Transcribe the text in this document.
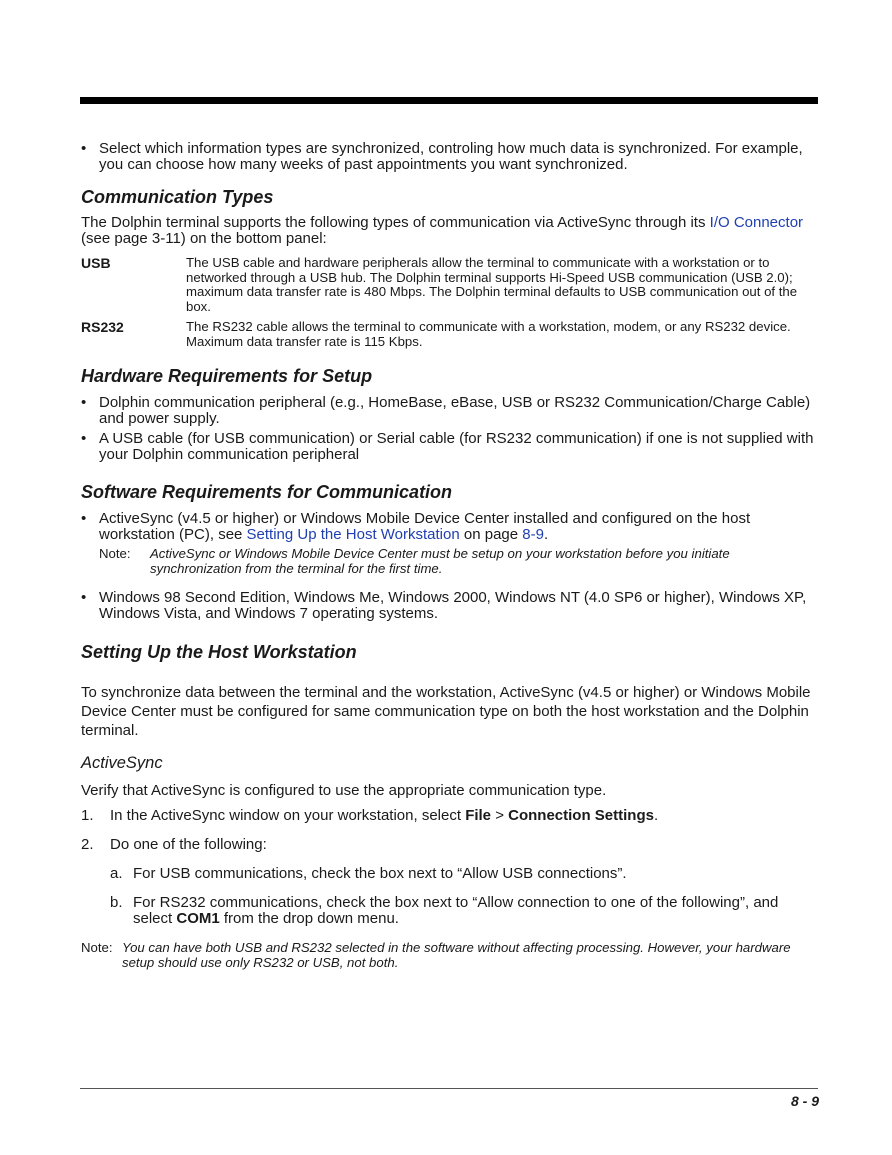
• Select which information types are synchronized, controling how much data is synchronized. For example, you can choose how many weeks of past appointments you want synchronized.

Communication Types

The Dolphin terminal supports the following types of communication via ActiveSync through its I/O Connector (see page 3-11) on the bottom panel:

USB	The USB cable and hardware peripherals allow the terminal to communicate with a workstation or to networked through a USB hub. The Dolphin terminal supports Hi-Speed USB communication (USB 2.0); maximum data transfer rate is 480 Mbps. The Dolphin terminal defaults to USB communication out of the box.
RS232	The RS232 cable allows the terminal to communicate with a workstation, modem, or any RS232 device. Maximum data transfer rate is 115 Kbps.
Hardware Requirements for Setup

• Dolphin communication peripheral (e.g., HomeBase, eBase, USB or RS232 Communication/Charge Cable) and power supply.

• A USB cable (for USB communication) or Serial cable (for RS232 communication) if one is not supplied with your Dolphin communication peripheral

Software Requirements for Communication

• ActiveSync (v4.5 or higher) or Windows Mobile Device Center installed and configured on the host workstation (PC), see Setting Up the Host Workstation on page 8-9.

Note:	ActiveSync or Windows Mobile Device Center must be setup on your workstation before you initiate synchronization from the terminal for the first time.

• Windows 98 Second Edition, Windows Me, Windows 2000, Windows NT (4.0 SP6 or higher), Windows XP, Windows Vista, and Windows 7 operating systems.

Setting Up the Host Workstation

To synchronize data between the terminal and the workstation, ActiveSync (v4.5 or higher) or Windows Mobile Device Center must be configured for same communication type on both the host workstation and the Dolphin terminal.

ActiveSync

Verify that ActiveSync is configured to use the appropriate communication type.

1. In the ActiveSync window on your workstation, select File > Connection Settings.

2. Do one of the following:

a. For USB communications, check the box next to “Allow USB connections”.

b. For RS232 communications, check the box next to “Allow connection to one of the following”, and select COM1 from the drop down menu.

Note: You can have both USB and RS232 selected in the software without affecting processing. However, your hardware setup should use only RS232 or USB, not both.
8 - 9
